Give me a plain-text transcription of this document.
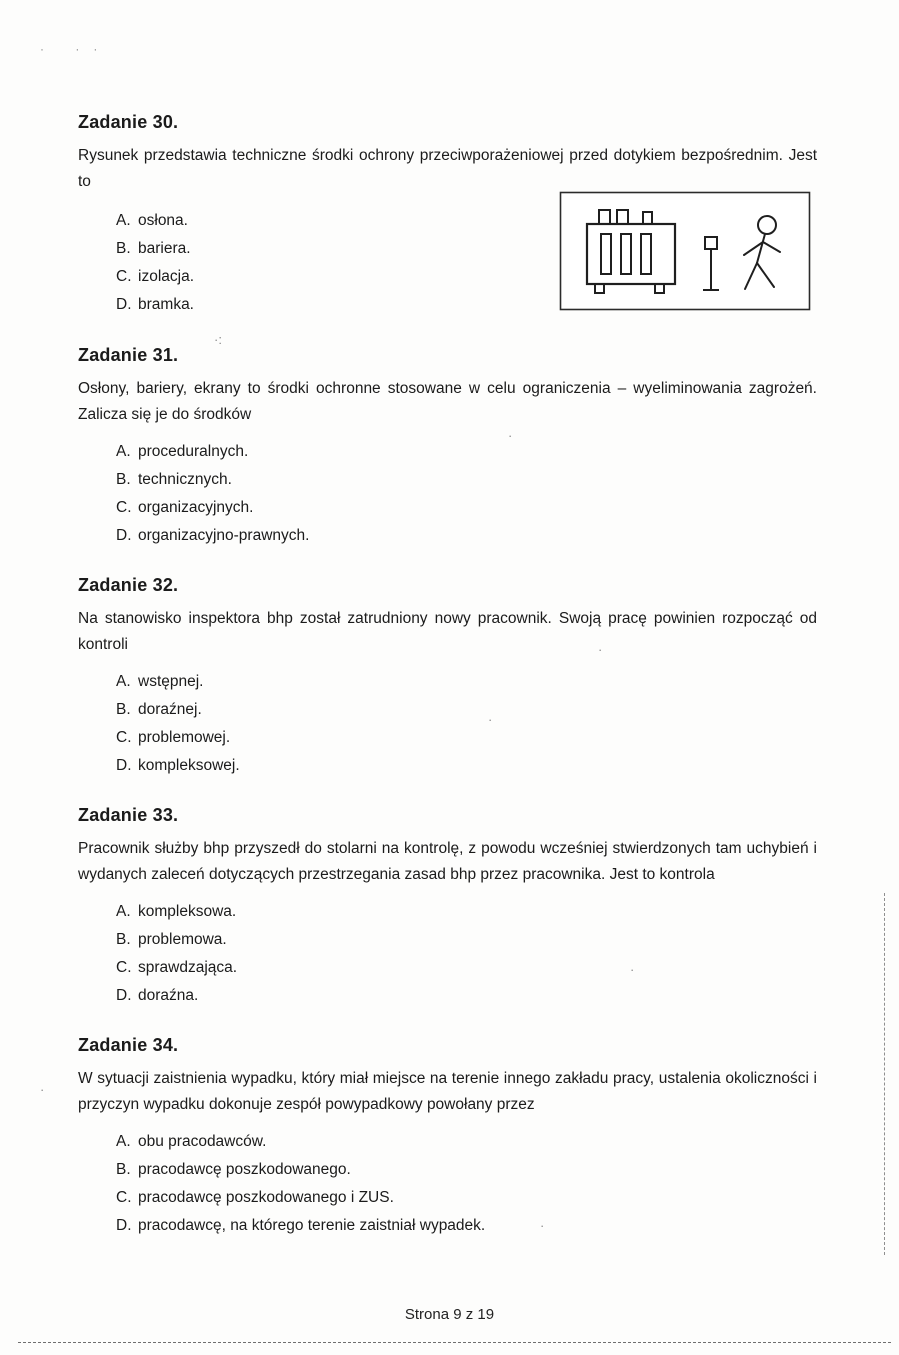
Zadanie 30.

Rysunek przedstawia techniczne środki ochrony przeciwporażeniowej przed dotykiem bezpośrednim. Jest to

A. osłona.
B. bariera.
C. izolacja.
D. bramka.
Zadanie 31.

Osłony, bariery, ekrany to środki ochronne stosowane w celu ograniczenia – wyeliminowania zagrożeń. Zalicza się je do środków

A. proceduralnych.
B. technicznych.
C. organizacyjnych.
D. organizacyjno-prawnych.
Zadanie 32.

Na stanowisko inspektora bhp został zatrudniony nowy pracownik. Swoją pracę powinien rozpocząć od kontroli

A. wstępnej.
B. doraźnej.
C. problemowej.
D. kompleksowej.
Zadanie 33.

Pracownik służby bhp przyszedł do stolarni na kontrolę, z powodu wcześniej stwierdzonych tam uchybień i wydanych zaleceń dotyczących przestrzegania zasad bhp przez pracownika. Jest to kontrola

A. kompleksowa.
B. problemowa.
C. sprawdzająca.
D. doraźna.
Zadanie 34.

W sytuacji zaistnienia wypadku, który miał miejsce na terenie innego zakładu pracy, ustalenia okoliczności i przyczyn wypadku dokonuje zespół powypadkowy powołany przez

A. obu pracodawców.
B. pracodawcę poszkodowanego.
C. pracodawcę poszkodowanego i ZUS.
D. pracodawcę, na którego terenie zaistniał wypadek.
Strona 9 z 19
· ··
·:
·
·
·
·
·
·
